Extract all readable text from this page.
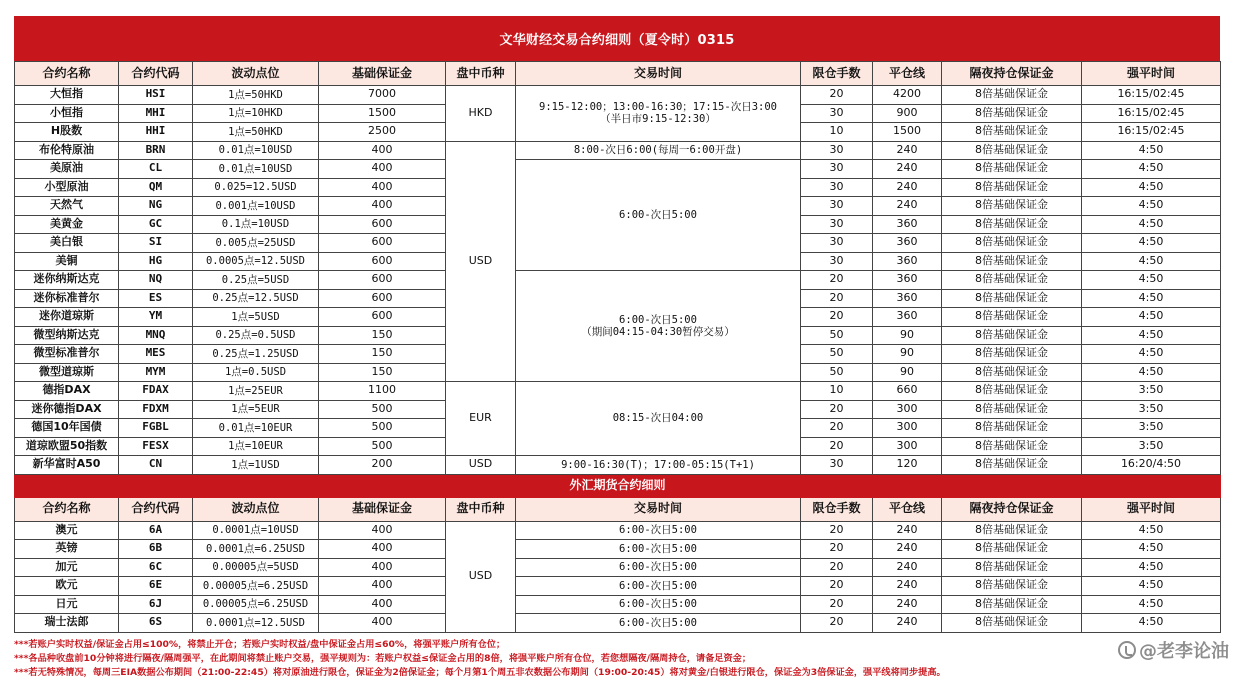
文华财经交易合约细则（夏令时）0315
合约名称	合约代码	波动点位	基础保证金	盘中币种	交易时间	限仓手数	平仓线	隔夜持仓保证金	强平时间
大恒指	HSI	1点=50HKD	7000	HKD	9:15-12:00；13:00-16:30；17:15-次日3:00
（半日市9:15-12:30）	20	4200	8倍基础保证金	16:15/02:45
小恒指	MHI	1点=10HKD	1500			30	900	8倍基础保证金	16:15/02:45
H股数	HHI	1点=50HKD	2500			10	1500	8倍基础保证金	16:15/02:45
布伦特原油	BRN	0.01点=10USD	400	USD	8:00-次日6:00(每周一6:00开盘)	30	240	8倍基础保证金	4:50
美原油	CL	0.01点=10USD	400		6:00-次日5:00	30	240	8倍基础保证金	4:50
小型原油	QM	0.025=12.5USD	400			30	240	8倍基础保证金	4:50
天然气	NG	0.001点=10USD	400			30	240	8倍基础保证金	4:50
美黄金	GC	0.1点=10USD	600			30	360	8倍基础保证金	4:50
美白银	SI	0.005点=25USD	600			30	360	8倍基础保证金	4:50
美铜	HG	0.0005点=12.5USD	600			30	360	8倍基础保证金	4:50
迷你纳斯达克	NQ	0.25点=5USD	600		6:00-次日5:00
（期间04:15-04:30暂停交易）	20	360	8倍基础保证金	4:50
迷你标准普尔	ES	0.25点=12.5USD	600			20	360	8倍基础保证金	4:50
迷你道琼斯	YM	1点=5USD	600			20	360	8倍基础保证金	4:50
微型纳斯达克	MNQ	0.25点=0.5USD	150			50	90	8倍基础保证金	4:50
微型标准普尔	MES	0.25点=1.25USD	150			50	90	8倍基础保证金	4:50
微型道琼斯	MYM	1点=0.5USD	150			50	90	8倍基础保证金	4:50
德指DAX	FDAX	1点=25EUR	1100	EUR	08:15-次日04:00	10	660	8倍基础保证金	3:50
迷你德指DAX	FDXM	1点=5EUR	500			20	300	8倍基础保证金	3:50
德国10年国债	FGBL	0.01点=10EUR	500			20	300	8倍基础保证金	3:50
道琼欧盟50指数	FESX	1点=10EUR	500			20	300	8倍基础保证金	3:50
新华富时A50	CN	1点=1USD	200	USD	9:00-16:30(T)；17:00-05:15(T+1)	30	120	8倍基础保证金	16:20/4:50
外汇期货合约细则									
合约名称	合约代码	波动点位	基础保证金	盘中币种	交易时间	限仓手数	平仓线	隔夜持仓保证金	强平时间
澳元	6A	0.0001点=10USD	400	USD	6:00-次日5:00	20	240	8倍基础保证金	4:50
英镑	6B	0.0001点=6.25USD	400		6:00-次日5:00	20	240	8倍基础保证金	4:50
加元	6C	0.00005点=5USD	400		6:00-次日5:00	20	240	8倍基础保证金	4:50
欧元	6E	0.00005点=6.25USD	400		6:00-次日5:00	20	240	8倍基础保证金	4:50
日元	6J	0.00005点=6.25USD	400		6:00-次日5:00	20	240	8倍基础保证金	4:50
瑞士法郎	6S	0.0001点=12.5USD	400		6:00-次日5:00	20	240	8倍基础保证金	4:50
***若账户实时权益/保证金占用≤100%，将禁止开仓；若账户实时权益/盘中保证金占用≤60%，将强平账户所有仓位；
***各品种收盘前10分钟将进行隔夜/隔周强平，在此期间将禁止账户交易，强平规则为：若账户权益≤保证金占用的8倍，将强平账户所有仓位，若您想隔夜/隔周持仓，请备足资金；
***若无特殊情况，每周三EIA数据公布期间（21:00-22:45）将对原油进行限仓，保证金为2倍保证金；每个月第1个周五非农数据公布期间（19:00-20:45）将对黄金/白银进行限仓，保证金为3倍保证金，强平线将同步提高。
@老李论油
